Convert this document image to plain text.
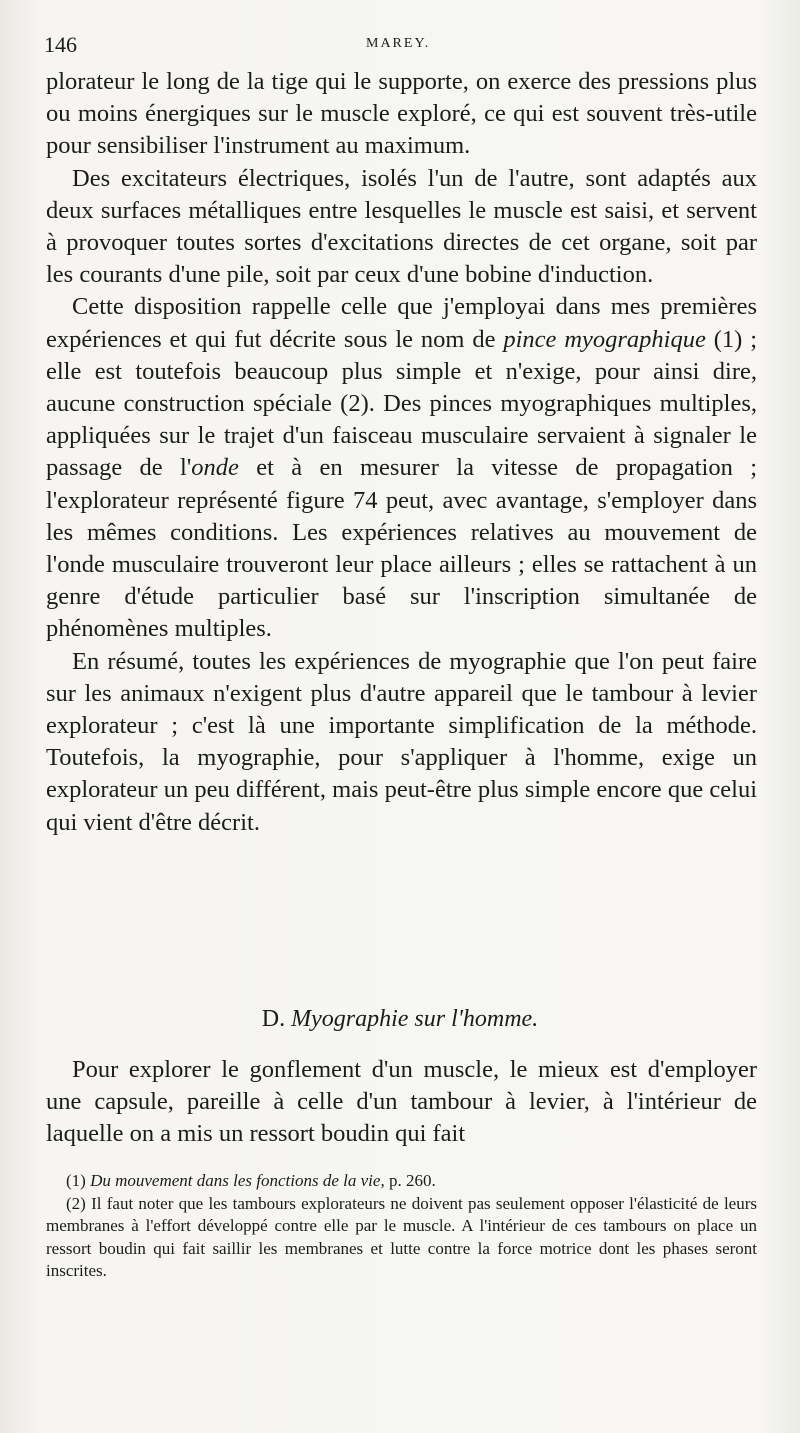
146	MAREY.

plorateur le long de la tige qui le supporte, on exerce des pressions plus ou moins énergiques sur le muscle exploré, ce qui est souvent très-utile pour sensibiliser l'instrument au maximum.

Des excitateurs électriques, isolés l'un de l'autre, sont adaptés aux deux surfaces métalliques entre lesquelles le muscle est saisi, et servent à provoquer toutes sortes d'excitations directes de cet organe, soit par les courants d'une pile, soit par ceux d'une bobine d'induction.

Cette disposition rappelle celle que j'employai dans mes premières expériences et qui fut décrite sous le nom de pince myographique (1) ; elle est toutefois beaucoup plus simple et n'exige, pour ainsi dire, aucune construction spéciale (2). Des pinces myographiques multiples, appliquées sur le trajet d'un faisceau musculaire servaient à signaler le passage de l'onde et à en mesurer la vitesse de propagation ; l'explorateur représenté figure 74 peut, avec avantage, s'employer dans les mêmes conditions. Les expériences relatives au mouvement de l'onde musculaire trouveront leur place ailleurs ; elles se rattachent à un genre d'étude particulier basé sur l'inscription simultanée de phénomènes multiples.

En résumé, toutes les expériences de myographie que l'on peut faire sur les animaux n'exigent plus d'autre appareil que le tambour à levier explorateur ; c'est là une importante simplification de la méthode. Toutefois, la myographie, pour s'appliquer à l'homme, exige un explorateur un peu différent, mais peut-être plus simple encore que celui qui vient d'être décrit.

D. Myographie sur l'homme.

Pour explorer le gonflement d'un muscle, le mieux est d'employer une capsule, pareille à celle d'un tambour à levier, à l'intérieur de laquelle on a mis un ressort boudin qui fait

(1) Du mouvement dans les fonctions de la vie, p. 260.

(2) Il faut noter que les tambours explorateurs ne doivent pas seulement opposer l'élasticité de leurs membranes à l'effort développé contre elle par le muscle. A l'intérieur de ces tambours on place un ressort boudin qui fait saillir les membranes et lutte contre la force motrice dont les phases seront inscrites.
